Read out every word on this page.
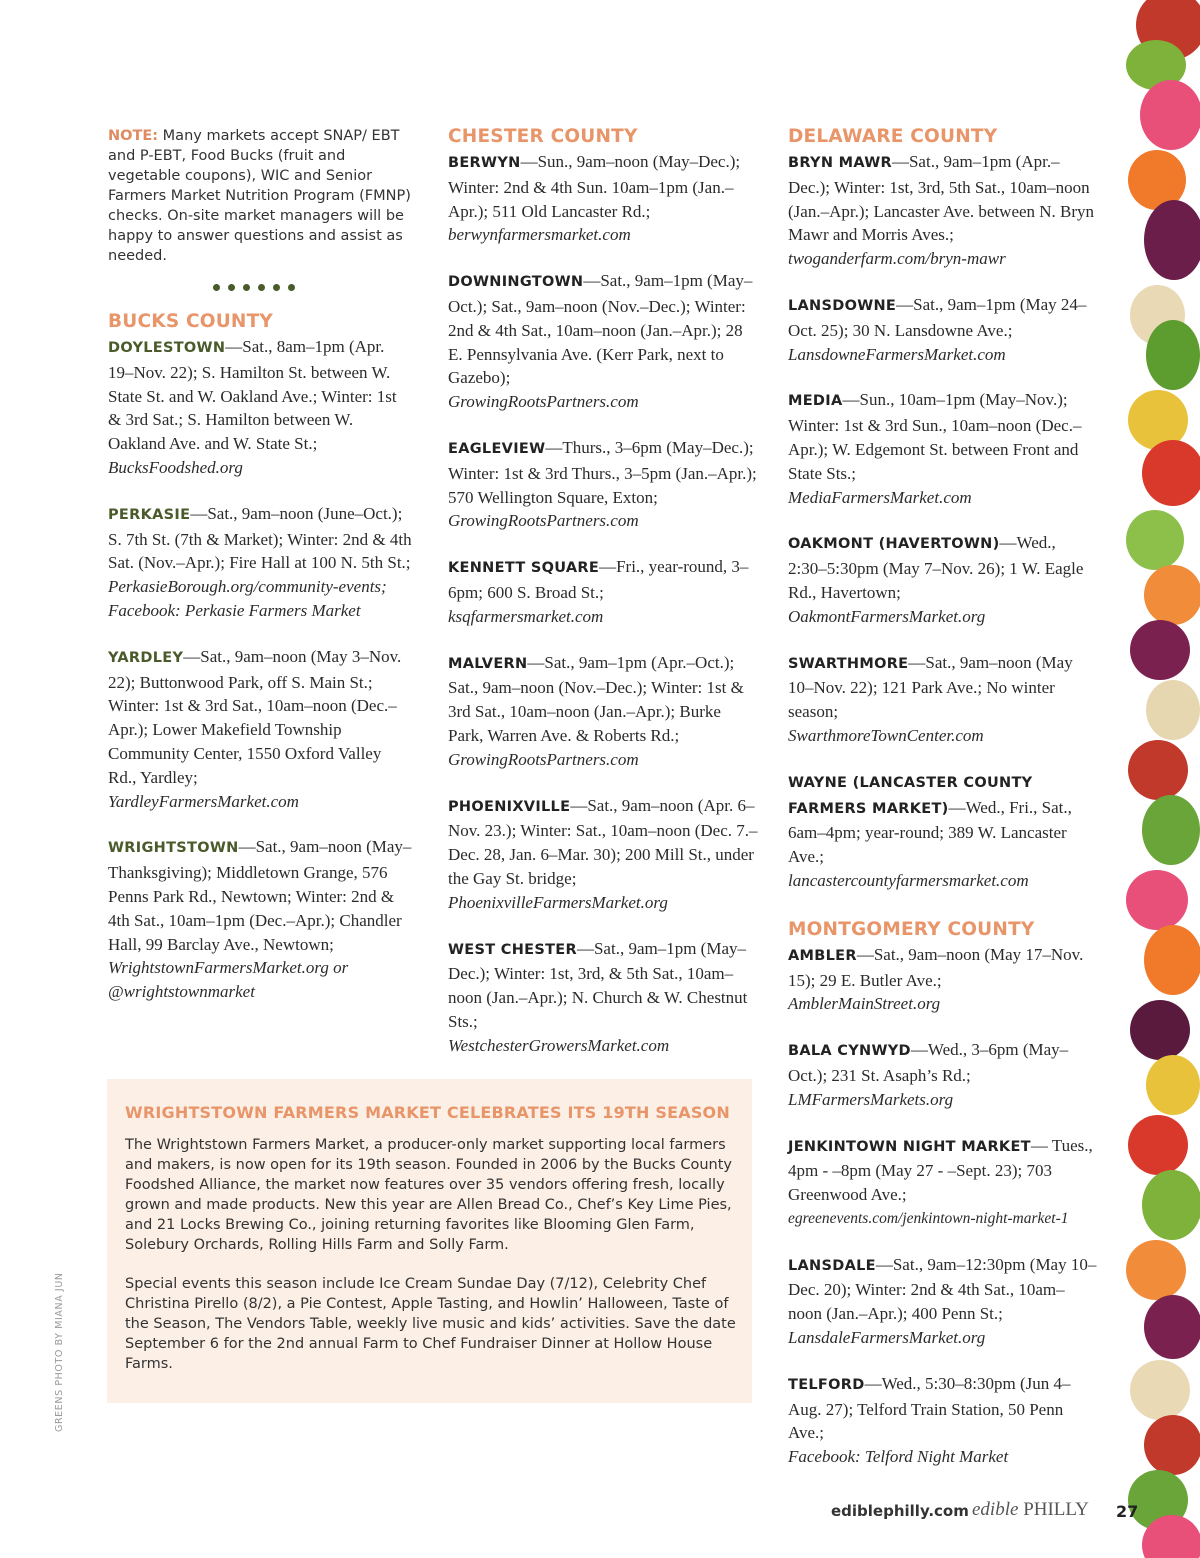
NOTE: Many markets accept SNAP/ EBT and P-EBT, Food Bucks (fruit and vegetable coupons), WIC and Senior Farmers Market Nutrition Program (FMNP) checks. On-site market managers will be happy to answer questions and assist as needed.

BUCKS COUNTY
DOYLESTOWN—Sat., 8am–1pm (Apr. 19–Nov. 22); S. Hamilton St. between W. State St. and W. Oakland Ave.; Winter: 1st & 3rd Sat.; S. Hamilton between W. Oakland Ave. and W. State St.;
BucksFoodshed.org
PERKASIE—Sat., 9am–noon (June–Oct.); S. 7th St. (7th & Market); Winter: 2nd & 4th Sat. (Nov.–Apr.); Fire Hall at 100 N. 5th St.;
PerkasieBorough.org/community-events;
Facebook: Perkasie Farmers Market
YARDLEY—Sat., 9am–noon (May 3–Nov. 22); Buttonwood Park, off S. Main St.; Winter: 1st & 3rd Sat., 10am–noon (Dec.–Apr.); Lower Makefield Township Community Center, 1550 Oxford Valley Rd., Yardley;
YardleyFarmersMarket.com
WRIGHTSTOWN—Sat., 9am–noon (May–Thanksgiving); Middletown Grange, 576 Penns Park Rd., Newtown; Winter: 2nd & 4th Sat., 10am–1pm (Dec.–Apr.); Chandler Hall, 99 Barclay Ave., Newtown;
WrightstownFarmersMarket.org or
@wrightstownmarket
CHESTER COUNTY
BERWYN—Sun., 9am–noon (May–Dec.); Winter: 2nd & 4th Sun. 10am–1pm (Jan.–Apr.); 511 Old Lancaster Rd.;
berwynfarmersmarket.com
DOWNINGTOWN—Sat., 9am–1pm (May–Oct.); Sat., 9am–noon (Nov.–Dec.); Winter: 2nd & 4th Sat., 10am–noon (Jan.–Apr.); 28 E. Pennsylvania Ave. (Kerr Park, next to Gazebo);
GrowingRootsPartners.com
EAGLEVIEW—Thurs., 3–6pm (May–Dec.); Winter: 1st & 3rd Thurs., 3–5pm (Jan.–Apr.); 570 Wellington Square, Exton;
GrowingRootsPartners.com
KENNETT SQUARE—Fri., year-round, 3–6pm; 600 S. Broad St.;
ksqfarmersmarket.com
MALVERN—Sat., 9am–1pm (Apr.–Oct.); Sat., 9am–noon (Nov.–Dec.); Winter: 1st & 3rd Sat., 10am–noon (Jan.–Apr.); Burke Park, Warren Ave. & Roberts Rd.;
GrowingRootsPartners.com
PHOENIXVILLE—Sat., 9am–noon (Apr. 6–Nov. 23.); Winter: Sat., 10am–noon (Dec. 7.–Dec. 28, Jan. 6–Mar. 30); 200 Mill St., under the Gay St. bridge;
PhoenixvilleFarmersMarket.org
WEST CHESTER—Sat., 9am–1pm (May–Dec.); Winter: 1st, 3rd, & 5th Sat., 10am–noon (Jan.–Apr.); N. Church & W. Chestnut Sts.;
WestchesterGrowersMarket.com
DELAWARE COUNTY
BRYN MAWR—Sat., 9am–1pm (Apr.–Dec.); Winter: 1st, 3rd, 5th Sat., 10am–noon (Jan.–Apr.); Lancaster Ave. between N. Bryn Mawr and Morris Aves.;
twoganderfarm.com/bryn-mawr
LANSDOWNE—Sat., 9am–1pm (May 24–Oct. 25); 30 N. Lansdowne Ave.;
LansdowneFarmersMarket.com
MEDIA—Sun., 10am–1pm (May–Nov.); Winter: 1st & 3rd Sun., 10am–noon (Dec.–Apr.); W. Edgemont St. between Front and State Sts.;
MediaFarmersMarket.com
OAKMONT (HAVERTOWN)—Wed., 2:30–5:30pm (May 7–Nov. 26); 1 W. Eagle Rd., Havertown;
OakmontFarmersMarket.org
SWARTHMORE—Sat., 9am–noon (May 10–Nov. 22); 121 Park Ave.; No winter season;
SwarthmoreTownCenter.com
WAYNE (LANCASTER COUNTY FARMERS MARKET)—Wed., Fri., Sat., 6am–4pm; year-round; 389 W. Lancaster Ave.;
lancastercountyfarmersmarket.com
MONTGOMERY COUNTY
AMBLER—Sat., 9am–noon (May 17–Nov. 15); 29 E. Butler Ave.;
AmblerMainStreet.org
BALA CYNWYD—Wed., 3–6pm (May–Oct.); 231 St. Asaph’s Rd.;
LMFarmersMarkets.org
JENKINTOWN NIGHT MARKET— Tues., 4pm - –8pm (May 27 - –Sept. 23); 703 Greenwood Ave.;
egreenevents.com/jenkintown-night-market-1
LANSDALE—Sat., 9am–12:30pm (May 10–Dec. 20); Winter: 2nd & 4th Sat., 10am–noon (Jan.–Apr.); 400 Penn St.;
LansdaleFarmersMarket.org
TELFORD—Wed., 5:30–8:30pm (Jun 4–Aug. 27); Telford Train Station, 50 Penn Ave.;
Facebook: Telford Night Market
WRIGHTSTOWN FARMERS MARKET CELEBRATES ITS 19TH SEASON

The Wrightstown Farmers Market, a producer-only market supporting local farmers and makers, is now open for its 19th season. Founded in 2006 by the Bucks County Foodshed Alliance, the market now features over 35 vendors offering fresh, locally grown and made products. New this year are Allen Bread Co., Chef’s Key Lime Pies, and 21 Locks Brewing Co., joining returning favorites like Blooming Glen Farm, Solebury Orchards, Rolling Hills Farm and Solly Farm.

Special events this season include Ice Cream Sundae Day (7/12), Celebrity Chef Christina Pirello (8/2), a Pie Contest, Apple Tasting, and Howlin’ Halloween, Taste of the Season, The Vendors Table, weekly live music and kids’ activities. Save the date September 6 for the 2nd annual Farm to Chef Fundraiser Dinner at Hollow House Farms.

GREENS PHOTO BY MIANA JUN
ediblephilly.com edible PHILLY 27
